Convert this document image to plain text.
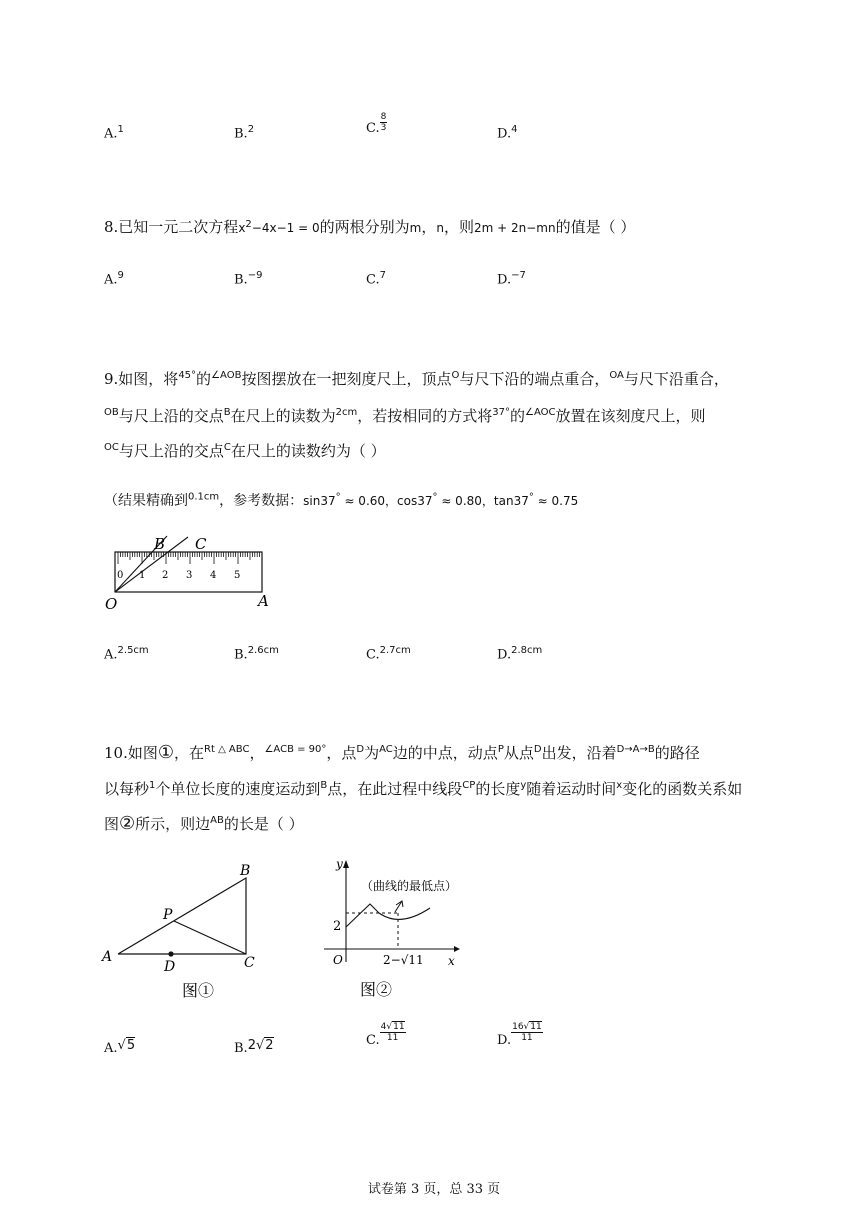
A.$^1$	B.$^2$	C. $\frac{8}{3}$
D.$^4$
8.已知一元二次方程$x^2-4x-1 = 0$的两根分别为m，n，则2m + 2n−mn的值是（ ）
A.$^9$	B.$^{-9}$	C.$^7$	D.$^{-7}$
9.如图，将$^{45^\circ}$的$^{\angle AOB}$按图摆放在一把刻度尺上，顶点$^O$与尺下沿的端点重合，$^{OA}$与尺下沿重合，
$^{OB}$与尺上沿的交点$^B$在尺上的读数为$^{2cm}$，若按相同的方式将$^{37^\circ}$的$^{\angle AOC}$放置在该刻度尺上，则
$^{OC}$与尺上沿的交点$^C$在尺上的读数约为（ ）
（结果精确到$^{0.1cm}$，参考数据：sin37° ≈ 0.60，cos37° ≈ 0.80，tan37° ≈ 0.75
0 1 2 3 4 5
B C
O	A
A.$^{2.5cm}$	B.$^{2.6cm}$	C.$^{2.7cm}$	D.$^{2.8cm}$
10.如图①，在$^{Rt \triangle ABC}$，$^{\angle ACB = 90^\circ}$，点$^D$为$^{AC}$边的中点，动点$^P$从点$^D$出发，沿着$^{D\to A\to B}$的路径
以每秒$^1$个单位长度的速度运动到$^B$点，在此过程中线段$^{CP}$的长度$^y$随着运动时间$^x$变化的函数关系如
图②所示，则边$^{AB}$的长是（ ）
A
B
C
D
P
图①
y
x
O
2
2−√11
（曲线的最低点）
图②
A.√5	B.2√2	C. $\frac{4√11}{11}$	D. $\frac{16√11}{11}$
试卷第 3 页，总 33 页
